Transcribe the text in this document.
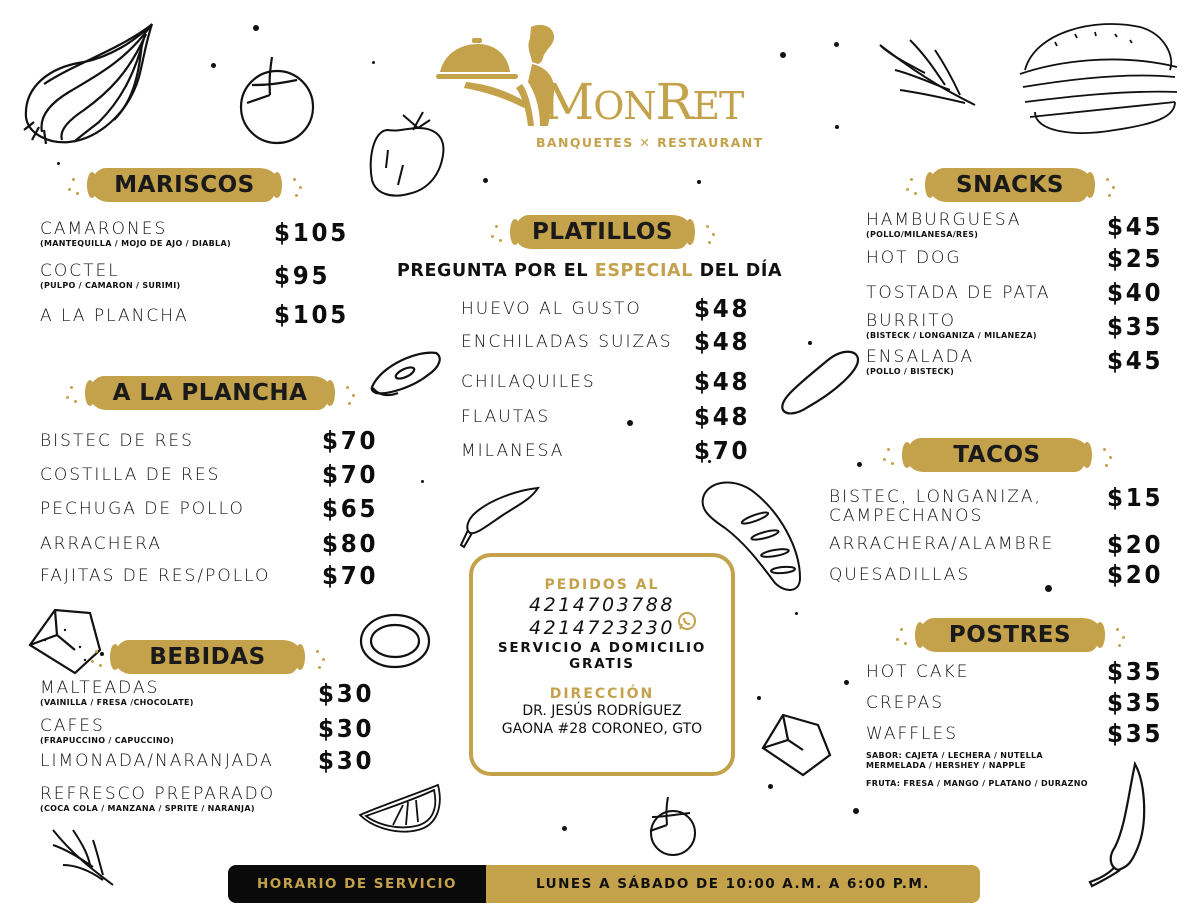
MONRET
BANQUETES ✕ RESTAURANT
MARISCOS
CAMARONES
(MANTEQUILLA / MOJO DE AJO / DIABLA) $105
COCTEL
(PULPO / CAMARON / SURIMI)	$95
A LA PLANCHA	$105
A LA PLANCHA
BISTEC DE RES	$70
COSTILLA DE RES	$70
PECHUGA DE POLLO	$65
ARRACHERA	$80
FAJITAS DE RES/POLLO $70
BEBIDAS
MALTEADAS
(VAINILLA / FRESA /CHOCOLATE)	$30
CAFES
(FRAPUCCINO / CAPUCCINO)	$30
LIMONADA/NARANJADA $30
REFRESCO PREPARADO
(COCA COLA / MANZANA / SPRITE / NARANJA)
PLATILLOS
PREGUNTA POR EL ESPECIAL DEL DÍA
HUEVO AL GUSTO $48
ENCHILADAS SUIZAS $48
CHILAQUILES	$48
FLAUTAS	$48
MILANESA	$70
PEDIDOS AL
4214703788
4214723230
SERVICIO A DOMICILIO
GRATIS
DIRECCIÓN
DR. JESÚS RODRÍGUEZ
GAONA #28 CORONEO, GTO
SNACKS
HAMBURGUESA
(POLLO/MILANESA/RES)	$45
HOT DOG	$25
TOSTADA DE PATA $40
BURRITO
(BISTECK / LONGANIZA / MILANEZA)	$35
ENSALADA
(POLLO / BISTECK)	$45
TACOS
BISTEC, LONGANIZA,
CAMPECHANOS
$15
ARRACHERA/ALAMBRE $20
QUESADILLAS	$20
POSTRES
HOT CAKE	$35
CREPAS	$35
WAFFLES	$35
SABOR: CAJETA / LECHERA / NUTELLA
MERMELADA / HERSHEY / NAPPLE
FRUTA: FRESA / MANGO / PLATANO / DURAZNO
HORARIO DE SERVICIO	LUNES A SÁBADO DE 10:00 A.M. A 6:00 P.M.
